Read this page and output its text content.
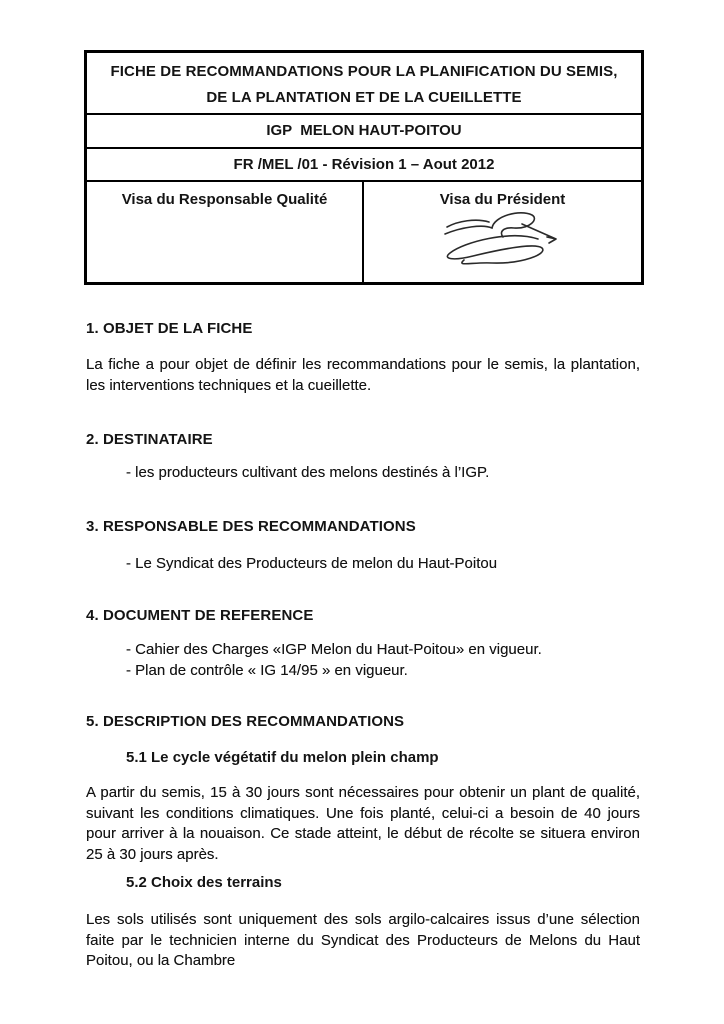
FICHE DE RECOMMANDATIONS POUR LA PLANIFICATION DU SEMIS,
DE LA PLANTATION ET DE LA CUEILLETTE
IGP  MELON HAUT-POITOU
FR /MEL /01 - Révision 1 – Aout 2012
Visa du Responsable Qualité	Visa du Président
1. OBJET DE LA FICHE
La fiche a pour objet de définir les recommandations pour le semis, la plantation, les interventions techniques et la cueillette.
2. DESTINATAIRE
- les producteurs cultivant des melons destinés à l’IGP.
3. RESPONSABLE DES RECOMMANDATIONS
- Le Syndicat des Producteurs de melon du Haut-Poitou
4. DOCUMENT DE REFERENCE
- Cahier des Charges «IGP Melon du Haut-Poitou» en vigueur.
- Plan de contrôle « IG 14/95 » en vigueur.
5. DESCRIPTION DES RECOMMANDATIONS
5.1 Le cycle végétatif du melon plein champ
A partir du semis, 15 à 30 jours sont nécessaires pour obtenir un plant de qualité, suivant les conditions climatiques. Une fois planté, celui-ci a besoin de 40 jours pour arriver à la nouaison. Ce stade atteint, le début de récolte se situera environ 25 à 30 jours après.
5.2 Choix des terrains
Les sols utilisés sont uniquement des sols argilo-calcaires issus d’une sélection faite par le technicien interne du Syndicat des Producteurs de Melons du Haut Poitou, ou la Chambre
